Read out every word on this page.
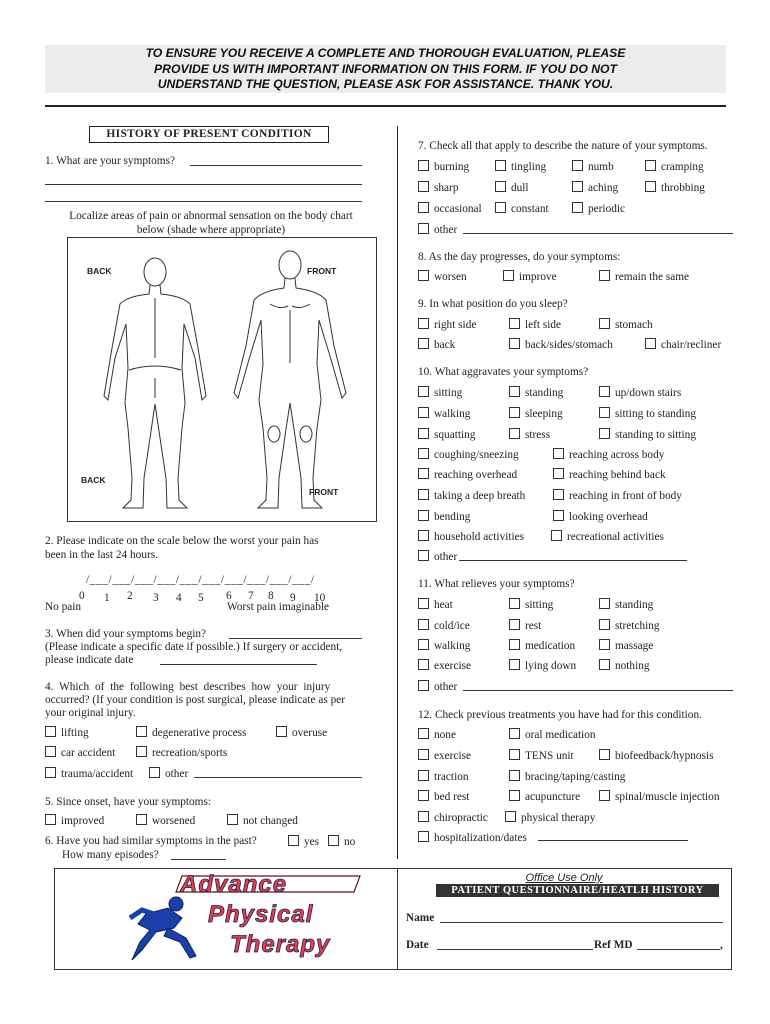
TO ENSURE YOU RECEIVE A COMPLETE AND THOROUGH EVALUATION, PLEASE
PROVIDE US WITH IMPORTANT INFORMATION ON THIS FORM. IF YOU DO NOT
UNDERSTAND THE QUESTION, PLEASE ASK FOR ASSISTANCE. THANK YOU.
HISTORY OF PRESENT CONDITION
1. What are your symptoms?
Localize areas of pain or abnormal sensation on the body chart
below (shade where appropriate)
BACK	FRONT
BACK
FRONT
2. Please indicate on the scale below the worst your pain has
been in the last 24 hours.
/___/___/___/___/___/___/___/___/___/___/
0 1 2 3 4 5 6 7 8 9 10
No pain	Worst pain imaginable
3. When did your symptoms begin?
(Please indicate a specific date if possible.) If surgery or accident,
please indicate date
4. Which of the following best describes how your injury
occurred? (If your condition is post surgical, please indicate as per
your original injury.
lifting	degenerative process	overuse
car accident	recreation/sports
trauma/accident	other
5. Since onset, have your symptoms:
improved	worsened	not changed
6. Have you had similar symptoms in the past?	yes	no
How many episodes?
7. Check all that apply to describe the nature of your symptoms.
burning	tingling	numb	cramping
sharp	dull	aching	throbbing
occasional	constant	periodic
other
8. As the day progresses, do your symptoms:
worsen	improve	remain the same
9. In what position do you sleep?
right side	left side	stomach
back	back/sides/stomach	chair/recliner
10. What aggravates your symptoms?
sitting	standing	up/down stairs
walking	sleeping	sitting to standing
squatting	stress	standing to sitting
coughing/sneezing	reaching across body
reaching overhead	reaching behind back
taking a deep breath	reaching in front of body
bending	looking overhead
household activities	recreational activities
other
11. What relieves your symptoms?
heat	sitting	standing
cold/ice	rest	stretching
walking	medication	massage
exercise	lying down	nothing
other
12. Check previous treatments you have had for this condition.
none	oral medication
exercise	TENS unit	biofeedback/hypnosis
traction	bracing/taping/casting
bed rest	acupuncture	spinal/muscle injection
chiropractic	physical therapy
hospitalization/dates
Advance
Physical
Therapy
Office Use Only
PATIENT QUESTIONNAIRE/HEATLH HISTORY
Name
Date	Ref MD	,
